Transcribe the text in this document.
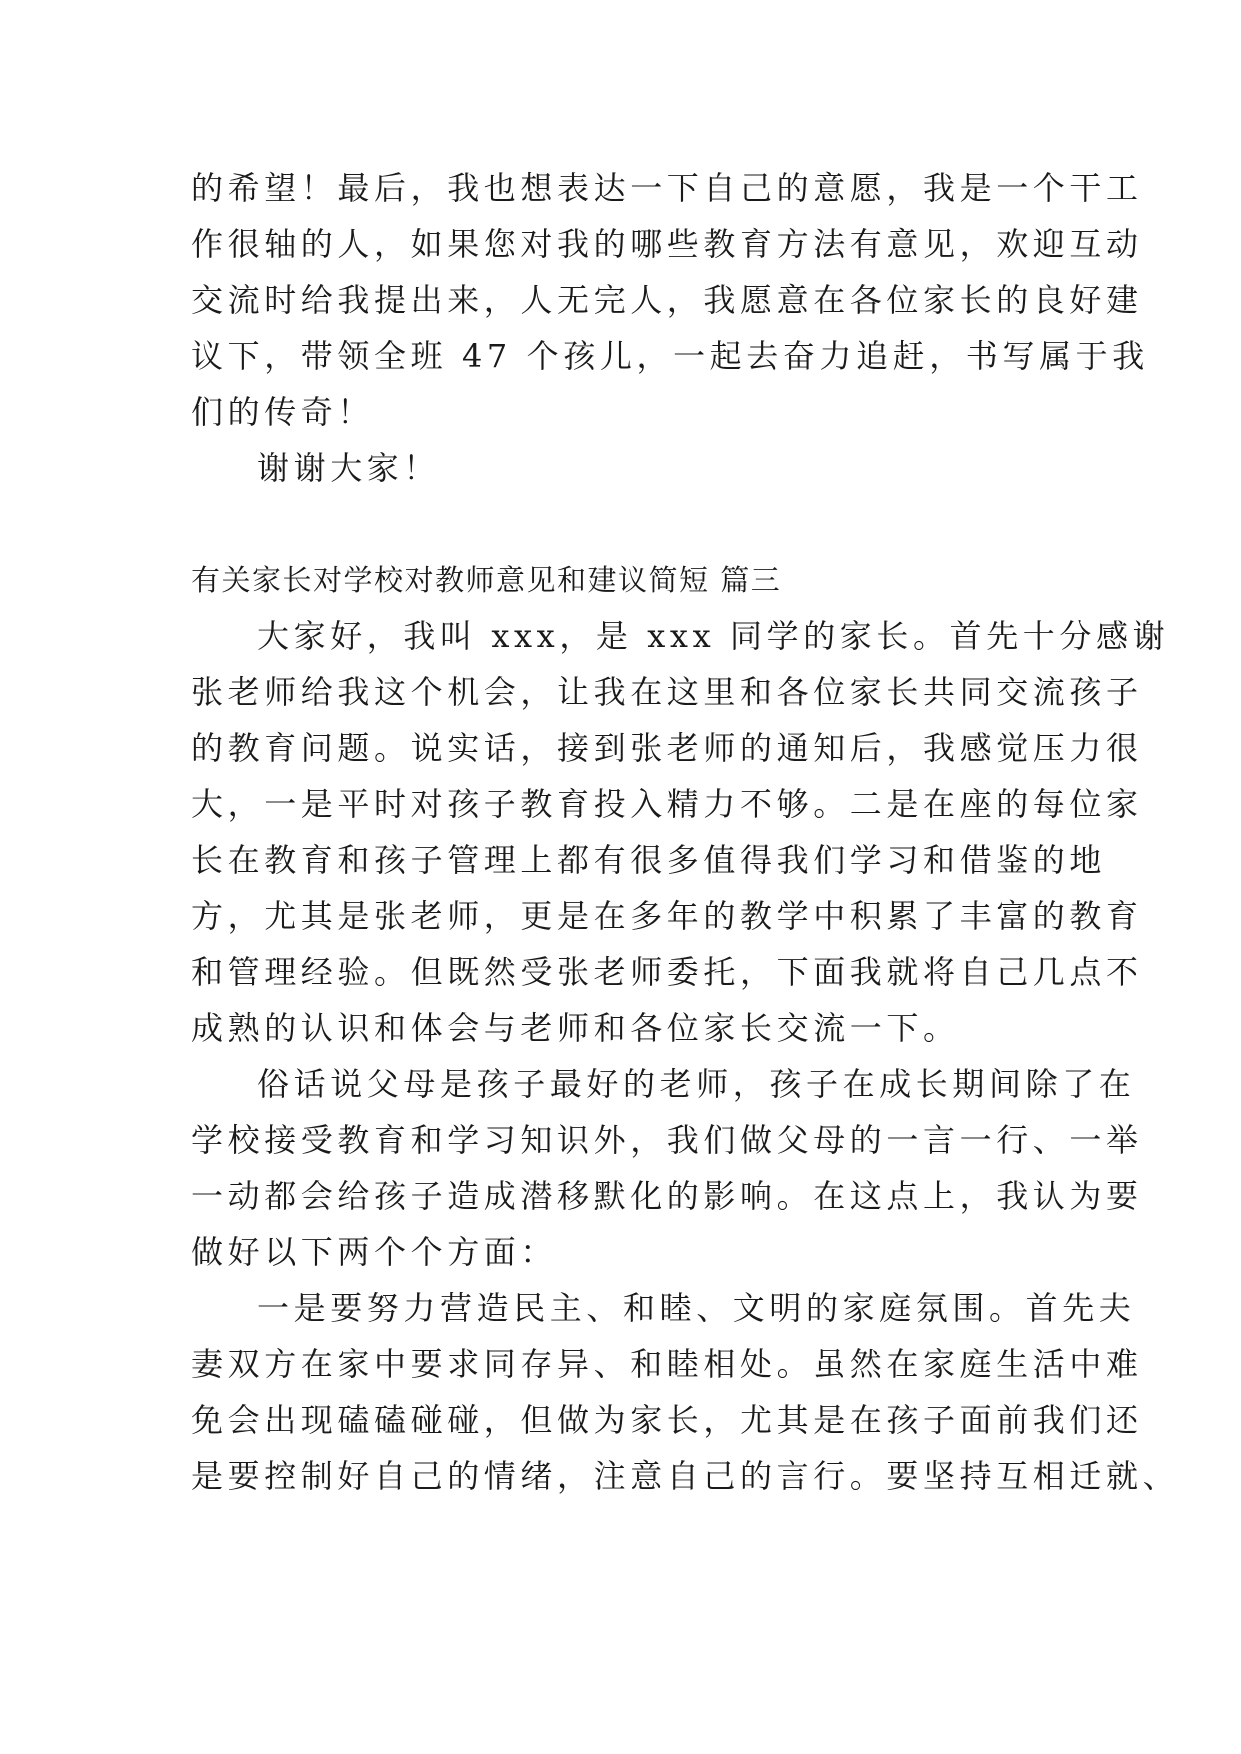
的希望！最后，我也想表达一下自己的意愿，我是一个干工
作很轴的人，如果您对我的哪些教育方法有意见，欢迎互动
交流时给我提出来，人无完人，我愿意在各位家长的良好建
议下，带领全班 47 个孩儿，一起去奋力追赶，书写属于我
们的传奇！
谢谢大家！
有关家长对学校对教师意见和建议简短 篇三
大家好，我叫 xxx，是 xxx 同学的家长。首先十分感谢
张老师给我这个机会，让我在这里和各位家长共同交流孩子
的教育问题。说实话，接到张老师的通知后，我感觉压力很
大，一是平时对孩子教育投入精力不够。二是在座的每位家
长在教育和孩子管理上都有很多值得我们学习和借鉴的地
方，尤其是张老师，更是在多年的教学中积累了丰富的教育
和管理经验。但既然受张老师委托，下面我就将自己几点不
成熟的认识和体会与老师和各位家长交流一下。
俗话说父母是孩子最好的老师，孩子在成长期间除了在
学校接受教育和学习知识外，我们做父母的一言一行、一举
一动都会给孩子造成潜移默化的影响。在这点上，我认为要
做好以下两个个方面：
一是要努力营造民主、和睦、文明的家庭氛围。首先夫
妻双方在家中要求同存异、和睦相处。虽然在家庭生活中难
免会出现磕磕碰碰，但做为家长，尤其是在孩子面前我们还
是要控制好自己的情绪，注意自己的言行。要坚持互相迁就、
